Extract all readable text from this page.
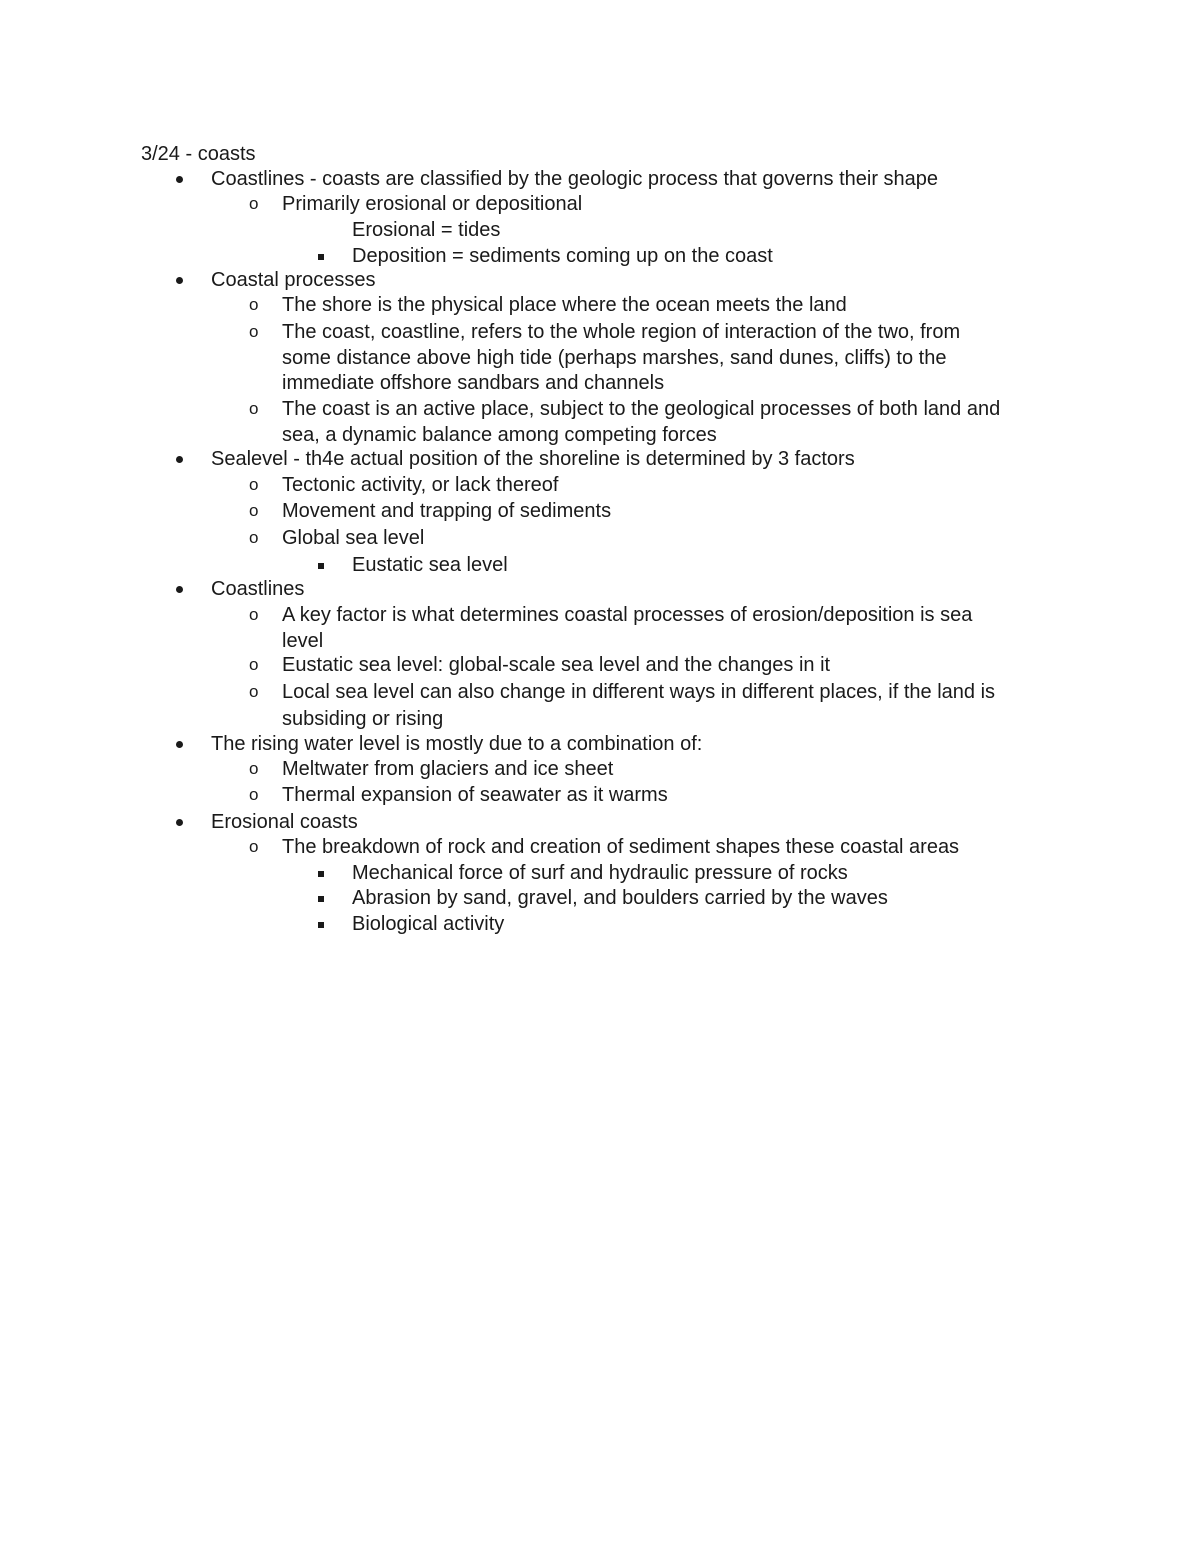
3/24 - coasts
Coastlines - coasts are classified by the geologic process that governs their shape
o Primarily erosional or depositional
Erosional = tides
Deposition = sediments coming up on the coast
Coastal processes
o The shore is the physical place where the ocean meets the land
o The coast, coastline, refers to the whole region of interaction of the two, from
some distance above high tide (perhaps marshes, sand dunes, cliffs) to the
immediate offshore sandbars and channels
o The coast is an active place, subject to the geological processes of both land and
sea, a dynamic balance among competing forces
Sealevel - th4e actual position of the shoreline is determined by 3 factors
o Tectonic activity, or lack thereof
o Movement and trapping of sediments
o Global sea level
Eustatic sea level
Coastlines
o A key factor is what determines coastal processes of erosion/deposition is sea
level
o Eustatic sea level: global-scale sea level and the changes in it
o Local sea level can also change in different ways in different places, if the land is
subsiding or rising
The rising water level is mostly due to a combination of:
o Meltwater from glaciers and ice sheet
o Thermal expansion of seawater as it warms
Erosional coasts
o The breakdown of rock and creation of sediment shapes these coastal areas
Mechanical force of surf and hydraulic pressure of rocks
Abrasion by sand, gravel, and boulders carried by the waves
Biological activity
